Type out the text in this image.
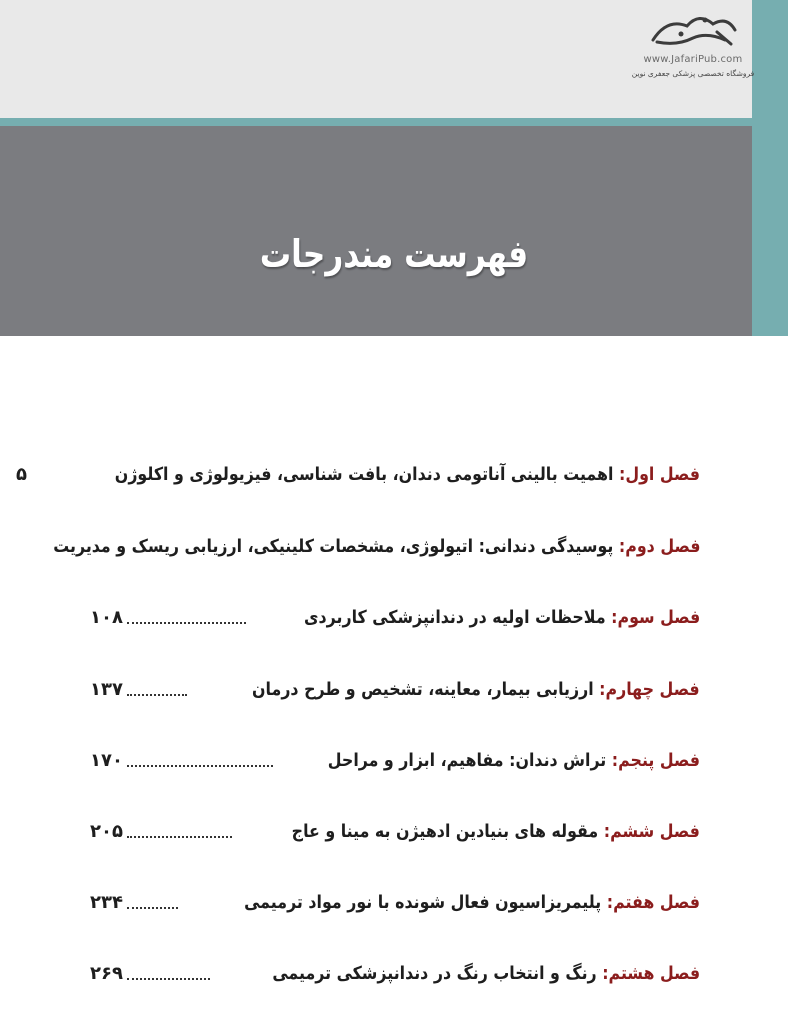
www.JafariPub.com
فروشگاه تخصصی پزشکی جعفری نوین
فهرست مندرجات
فصل اول: اهمیت بالینی آناتومی دندان، بافت شناسی، فیزیولوژی و اکلوژن
۵
فصل دوم: پوسیدگی دندانی: اتیولوژی، مشخصات کلینیکی، ارزیابی ریسک و مدیریت
فصل سوم: ملاحظات اولیه در دندانپزشکی کاربردی
۱۰۸
فصل چهارم: ارزیابی بیمار، معاینه، تشخیص و طرح درمان
۱۳۷
فصل پنجم: تراش دندان: مفاهیم، ابزار و مراحل
۱۷۰
فصل ششم: مقوله های بنیادین ادهیژن به مینا و عاج
۲۰۵
فصل هفتم: پلیمریزاسیون فعال شونده با نور مواد ترمیمی
۲۳۴
فصل هشتم: رنگ و انتخاب رنگ در دندانپزشکی ترمیمی
۲۶۹
